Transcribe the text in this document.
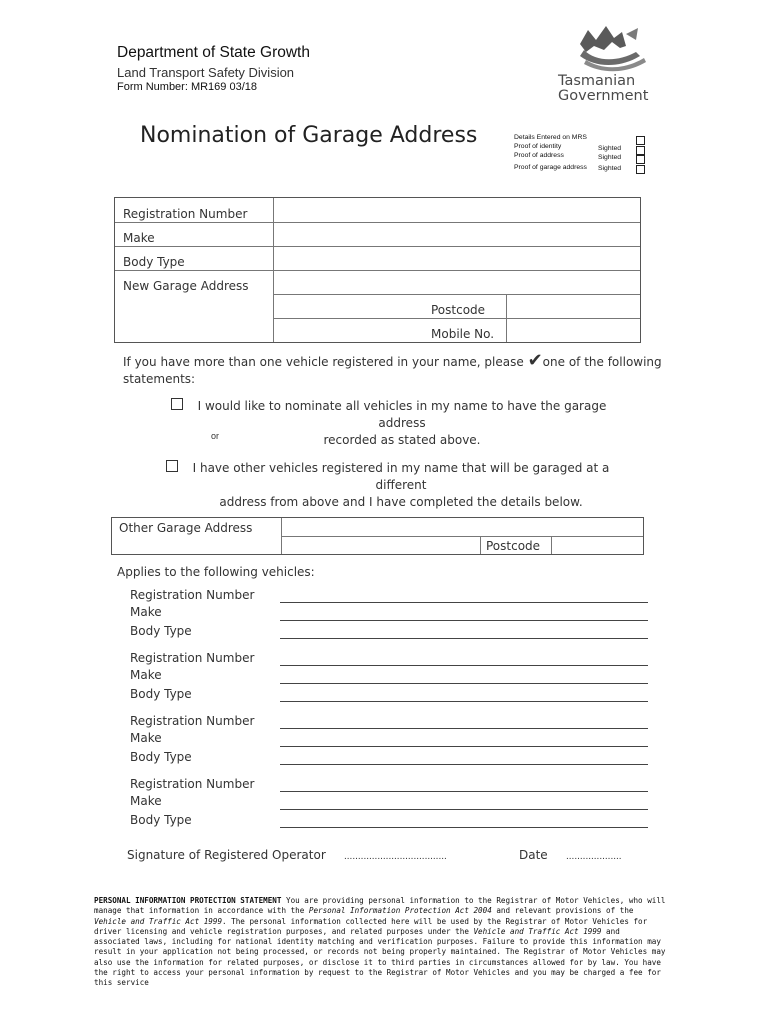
Department of State Growth
Land Transport Safety Division
Form Number: MR169 03/18	Tasmanian
Government
Nomination of Garage Address	Details Entered on MRS
Proof of identity	Sighted
Proof of address	Sighted
Proof of garage address Sighted
Registration Number
Make
Body Type
New Garage Address
Postcode
Mobile No.
If you have more than one vehicle registered in your name, please ✔one of the following
statements:
I would like to nominate all vehicles in my name to have the garage address
recorded as stated above.
or
I have other vehicles registered in my name that will be garaged at a different
address from above and I have completed the details below.
Other Garage Address
Postcode
Applies to the following vehicles:
Registration Number
Make
Body Type
Registration Number
Make
Body Type
Registration Number
Make
Body Type
Registration Number
Make
Body Type
Signature of Registered Operator .....................................	Date ....................
PERSONAL INFORMATION PROTECTION STATEMENT You are providing personal information to the Registrar of Motor Vehicles, who will manage that information in accordance with the Personal Information Protection Act 2004 and relevant provisions of the Vehicle and Traffic Act 1999. The personal information collected here will be used by the Registrar of Motor Vehicles for driver licensing and vehicle registration purposes, and related purposes under the Vehicle and Traffic Act 1999 and associated laws, including for national identity matching and verification purposes. Failure to provide this information may result in your application not being processed, or records not being properly maintained. The Registrar of Motor Vehicles may also use the information for related purposes, or disclose it to third parties in circumstances allowed for by law. You have the right to access your personal information by request to the Registrar of Motor Vehicles and you may be charged a fee for this service
